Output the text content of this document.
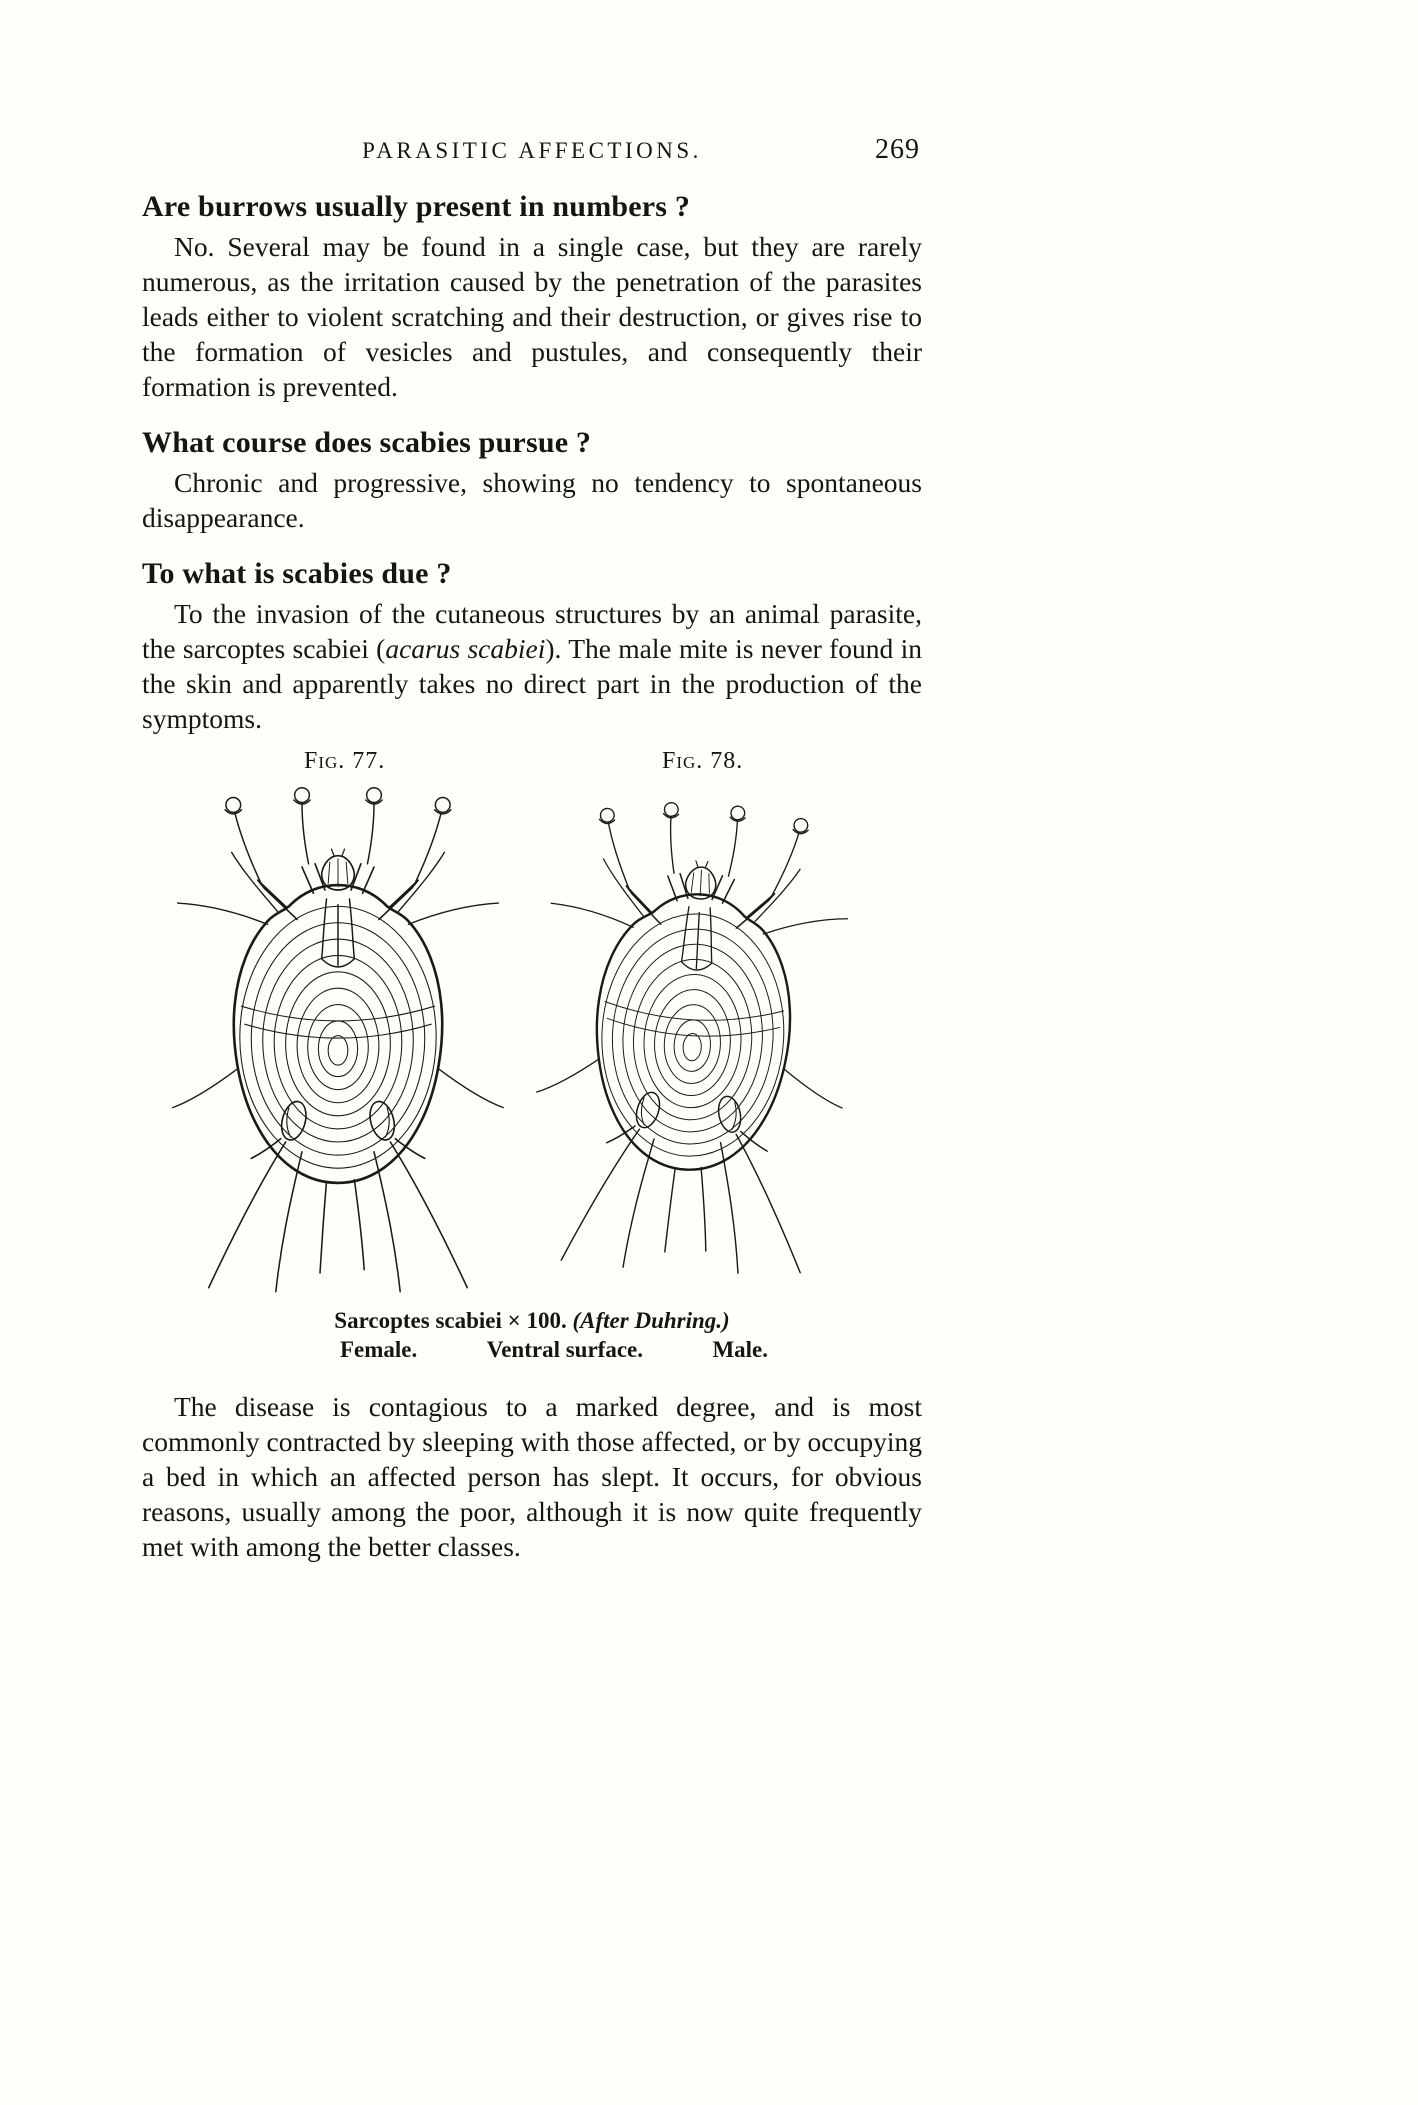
PARASITIC AFFECTIONS.	269
Are burrows usually present in numbers ?

No. Several may be found in a single case, but they are rarely numerous, as the irritation caused by the penetration of the parasites leads either to violent scratching and their destruction, or gives rise to the formation of vesicles and pustules, and consequently their formation is prevented.

What course does scabies pursue ?

Chronic and progressive, showing no tendency to spontaneous disappearance.

To what is scabies due ?

To the invasion of the cutaneous structures by an animal parasite, the sarcoptes scabiei (acarus scabiei). The male mite is never found in the skin and apparently takes no direct part in the production of the symptoms.

Fig. 77.	Fig. 78.
Sarcoptes scabiei × 100. (After Duhring.)
Female.	Ventral surface.	Male.

The disease is contagious to a marked degree, and is most commonly contracted by sleeping with those affected, or by occupying a bed in which an affected person has slept. It occurs, for obvious reasons, usually among the poor, although it is now quite frequently met with among the better classes.
